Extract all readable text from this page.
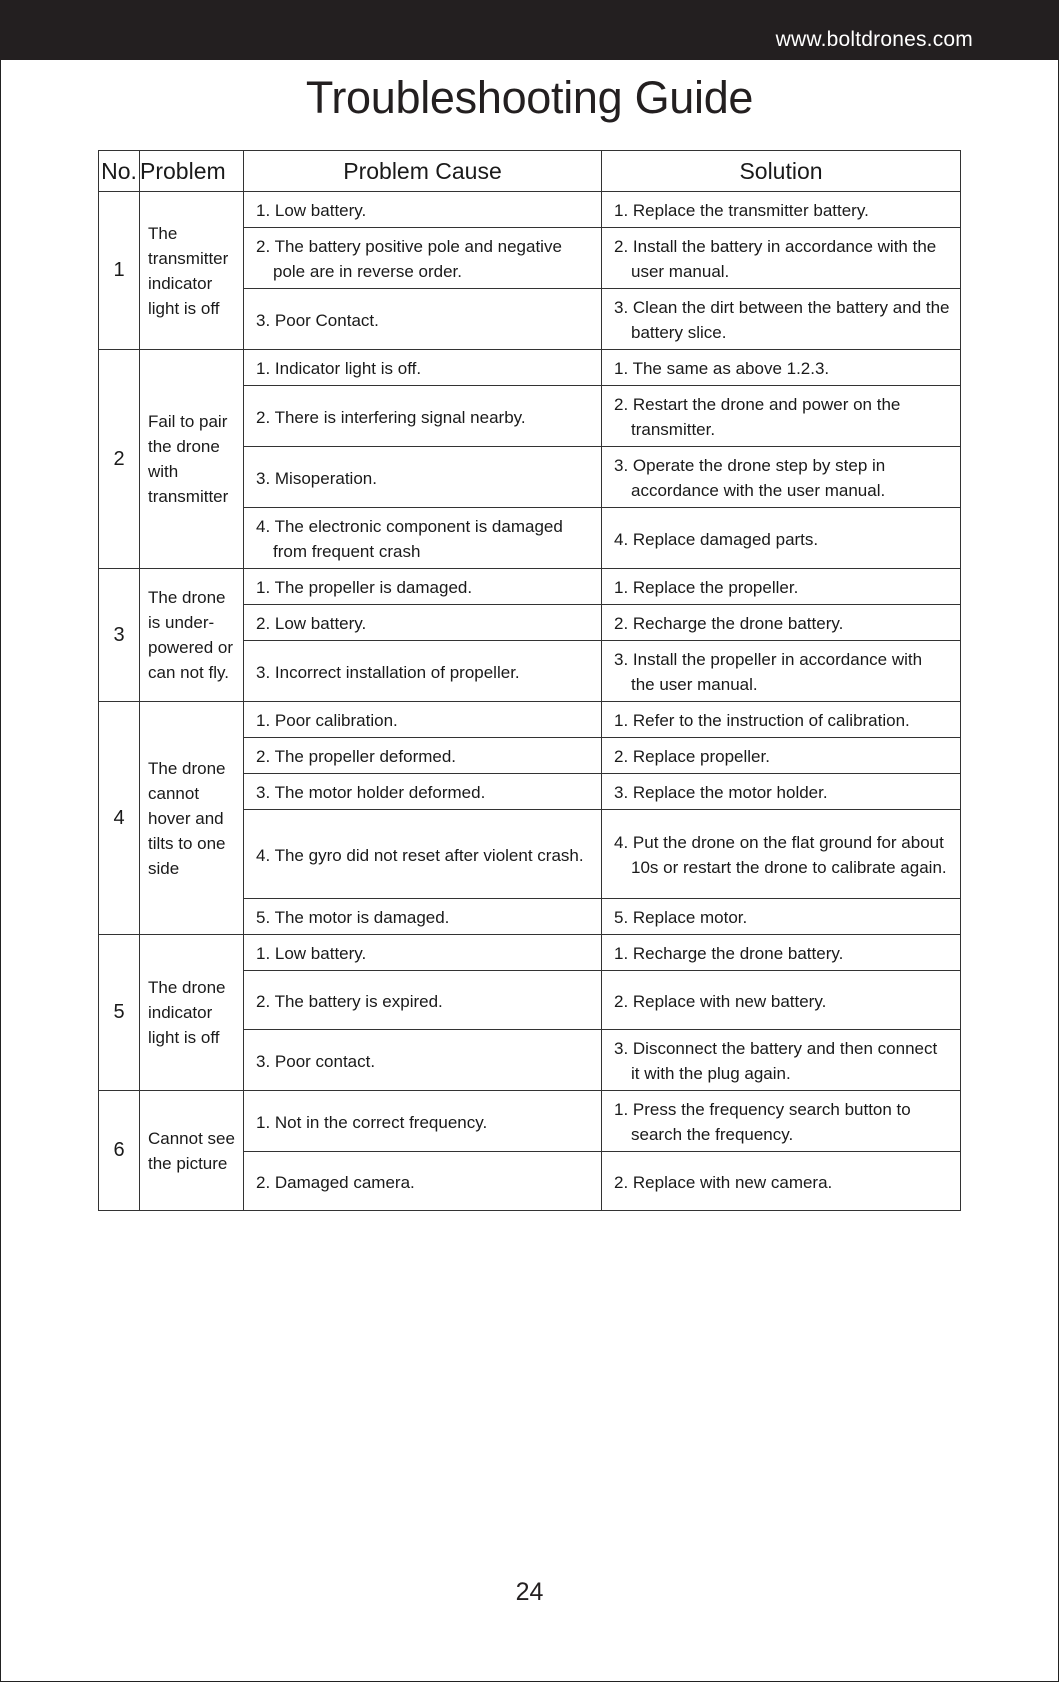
www.boltdrones.com
Troubleshooting Guide
No.	Problem	Problem Cause	Solution
1	The transmitter indicator light is off	1. Low battery.	1. Replace the transmitter battery.

		2. The battery positive pole and negative pole are in reverse order.	2. Install the battery in accordance with the user manual.

		3. Poor Contact.	3. Clean the dirt between the battery and the battery slice.

2	Fail to pair the drone with transmitter	1. Indicator light is off.	1. The same as above 1.2.3.

		2. There is interfering signal nearby.	2. Restart the drone and power on the transmitter.

		3. Misoperation.	3. Operate the drone step by step in accordance with the user manual.

		4. The electronic component is damaged from frequent crash	4. Replace damaged parts.

3	The drone is under-powered or can not fly.	1. The propeller is damaged.	1. Replace the propeller.

		2. Low battery.	2. Recharge the drone battery.

		3. Incorrect installation of propeller.	3. Install the propeller in accordance with the user manual.

4	The drone cannot hover and tilts to one side	1. Poor calibration.	1. Refer to the instruction of calibration.

		2. The propeller deformed.	2. Replace propeller.

		3. The motor holder deformed.	3. Replace the motor holder.

		4. The gyro did not reset after violent crash.	4. Put the drone on the flat ground for about 10s or restart the drone to calibrate again.

		5. The motor is damaged.	5. Replace motor.

5	The drone indicator light is off	1. Low battery.	1. Recharge the drone battery.

		2. The battery is expired.	2. Replace with new battery.

		3. Poor contact.	3. Disconnect the battery and then connect it with the plug again.

6	Cannot see the picture	1. Not in the correct frequency.	1. Press the frequency search button to search the frequency.

		2. Damaged camera.	2. Replace with new camera.
24
